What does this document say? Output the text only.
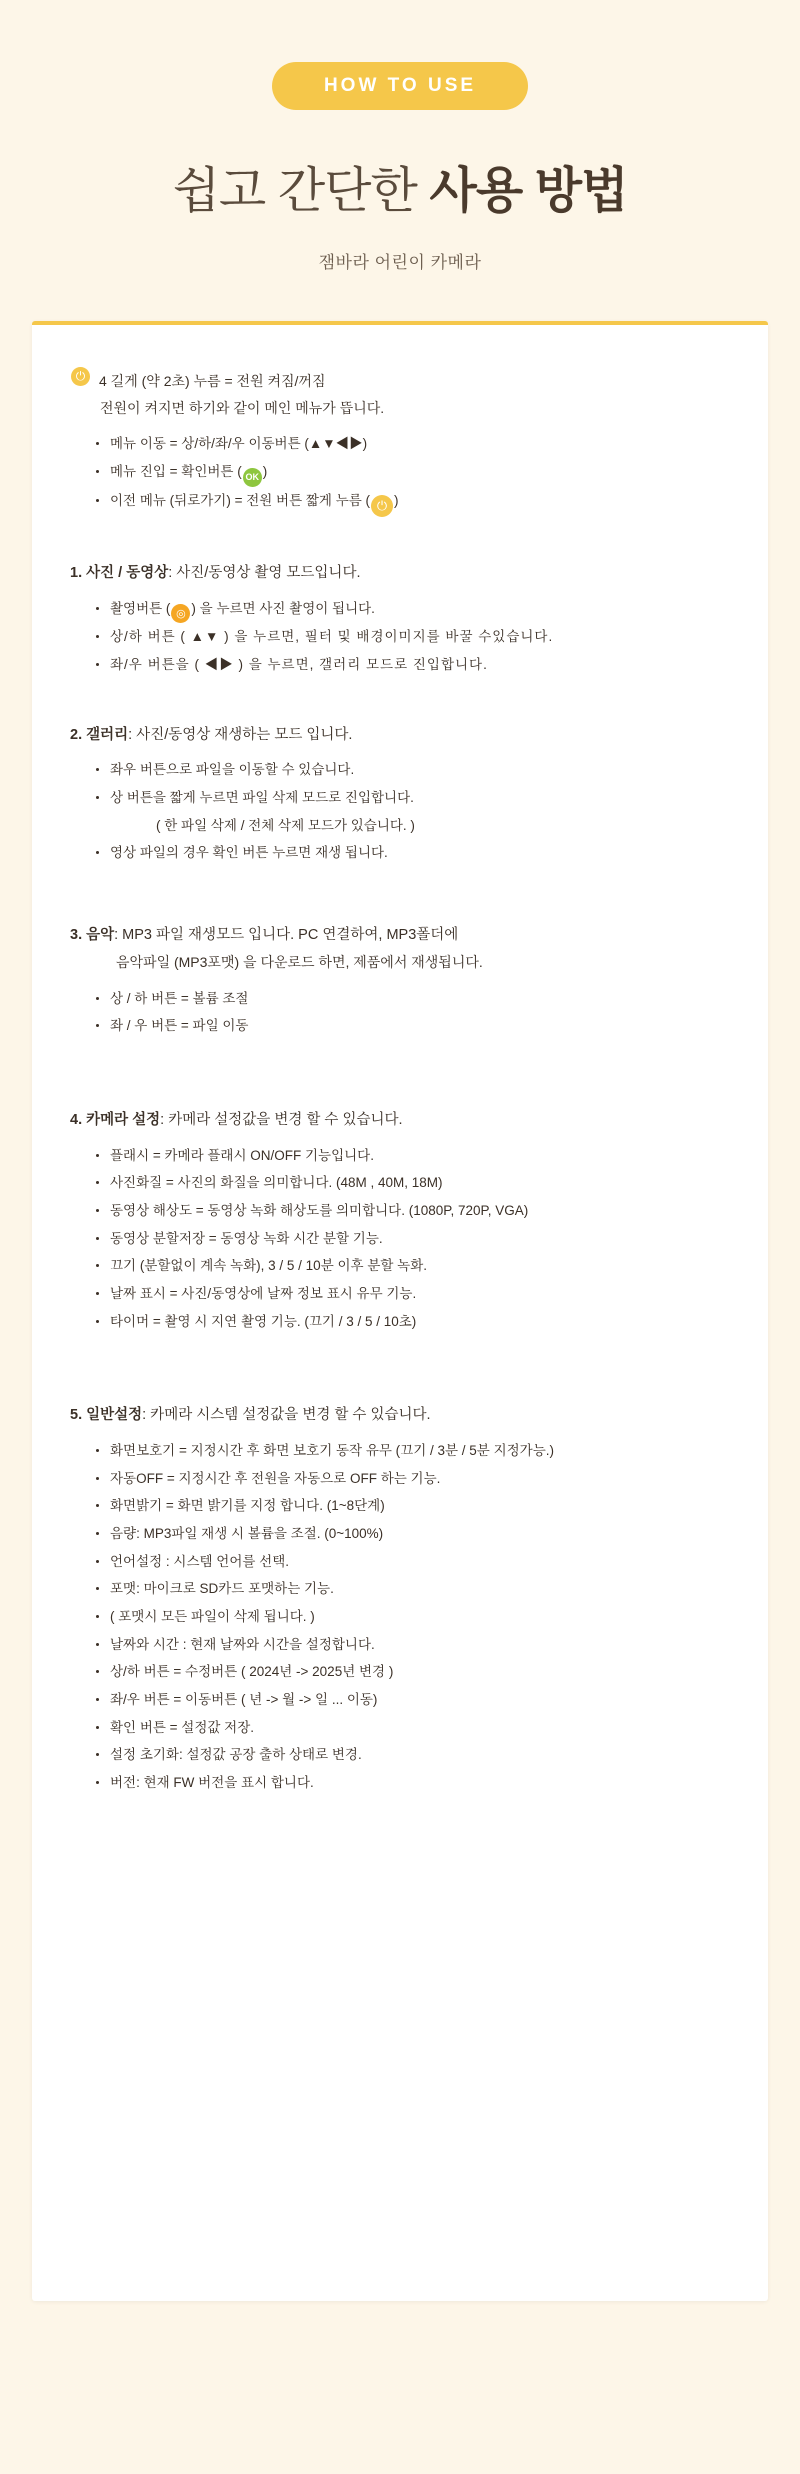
HOW TO USE
쉽고 간단한 사용 방법
잼바라 어린이 카메라
⏻ 4 길게 (약 2초) 누름 = 전원 켜짐/꺼짐
전원이 켜지면 하기와 같이 메인 메뉴가 뜹니다.
메뉴 이동 = 상/하/좌/우 이동버튼 (▲▼◀▶)
메뉴 진입 = 확인버튼 ( OK )
이전 메뉴 (뒤로가기) = 전원 버튼 짧게 누름 ( ⏻ )
1. 사진 / 동영상 : 사진/동영상 촬영 모드입니다.
촬영버튼 ( ◎ ) 을 누르면 사진 촬영이 됩니다.
상/하 버튼 ( ▲▼ ) 을 누르면, 필터 및 배경이미지를 바꿀 수있습니다.
좌/우 버튼을 ( ◀▶ ) 을 누르면, 갤러리 모드로 진입합니다.
2. 갤러리 : 사진/동영상 재생하는 모드 입니다.
좌우 버튼으로 파일을 이동할 수 있습니다.
상 버튼을 짧게 누르면 파일 삭제 모드로 진입합니다.
( 한 파일 삭제 / 전체 삭제 모드가 있습니다. )
영상 파일의 경우 확인 버튼 누르면 재생 됩니다.
3. 음악 : MP3 파일 재생모드 입니다. PC 연결하여, MP3폴더에
음악파일 (MP3포맷) 을 다운로드 하면, 제품에서 재생됩니다.
상 / 하 버튼 = 볼륨 조절
좌 / 우 버튼 = 파일 이동
4. 카메라 설정 : 카메라 설정값을 변경 할 수 있습니다.
플래시 = 카메라 플래시 ON/OFF 기능입니다.
사진화질 = 사진의 화질을 의미합니다. (48M , 40M, 18M)
동영상 해상도 = 동영상 녹화 해상도를 의미합니다. (1080P, 720P, VGA)
동영상 분할저장 = 동영상 녹화 시간 분할 기능.
끄기 (분할없이 계속 녹화), 3 / 5 / 10분 이후 분할 녹화.
날짜 표시 = 사진/동영상에 날짜 정보 표시 유무 기능.
타이머 = 촬영 시 지연 촬영 기능. (끄기 / 3 / 5 / 10초)
5. 일반설정 : 카메라 시스템 설정값을 변경 할 수 있습니다.
화면보호기 = 지정시간 후 화면 보호기 동작 유무 (끄기 / 3분 / 5분 지정가능.)
자동OFF = 지정시간 후 전원을 자동으로 OFF 하는 기능.
화면밝기 = 화면 밝기를 지정 합니다. (1~8단계)
음량: MP3파일 재생 시 볼륨을 조절. (0~100%)
언어설정 : 시스템 언어를 선택.
포맷: 마이크로 SD카드 포맷하는 기능.
( 포맷시 모든 파일이 삭제 됩니다. )
날짜와 시간 : 현재 날짜와 시간을 설정합니다.
상/하 버튼 = 수정버튼 ( 2024년 -> 2025년 변경 )
좌/우 버튼 = 이동버튼 ( 년 -> 월 -> 일 ... 이동)
확인 버튼 = 설정값 저장.
설정 초기화: 설정값 공장 출하 상태로 변경.
버전: 현재 FW 버전을 표시 합니다.
